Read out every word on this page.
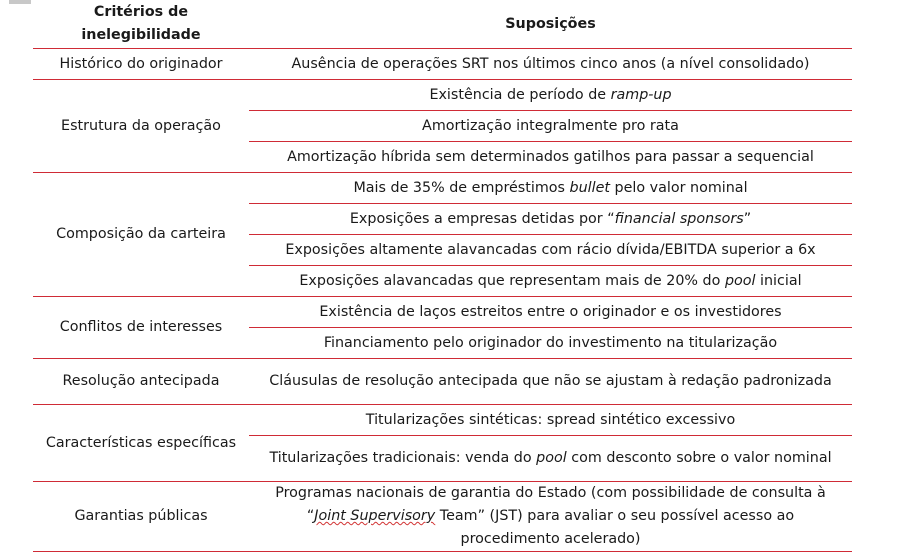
Critérios de inelegibilidade	Suposições
Histórico do originador	Ausência de operações SRT nos últimos cinco anos (a nível consolidado)
Estrutura da operação	Existência de período de ramp-up
	Amortização integralmente pro rata
	Amortização híbrida sem determinados gatilhos para passar a sequencial
Composição da carteira	Mais de 35% de empréstimos bullet pelo valor nominal
	Exposições a empresas detidas por “financial sponsors”
	Exposições altamente alavancadas com rácio dívida/EBITDA superior a 6x
	Exposições alavancadas que representam mais de 20% do pool inicial
Conflitos de interesses	Existência de laços estreitos entre o originador e os investidores
	Financiamento pelo originador do investimento na titularização
Resolução antecipada	Cláusulas de resolução antecipada que não se ajustam à redação padronizada
Características específicas	Titularizações sintéticas: spread sintético excessivo
	Titularizações tradicionais: venda do pool com desconto sobre o valor nominal
Garantias públicas	Programas nacionais de garantia do Estado (com possibilidade de consulta à “Joint Supervisory Team” (JST) para avaliar o seu possível acesso ao procedimento acelerado)
